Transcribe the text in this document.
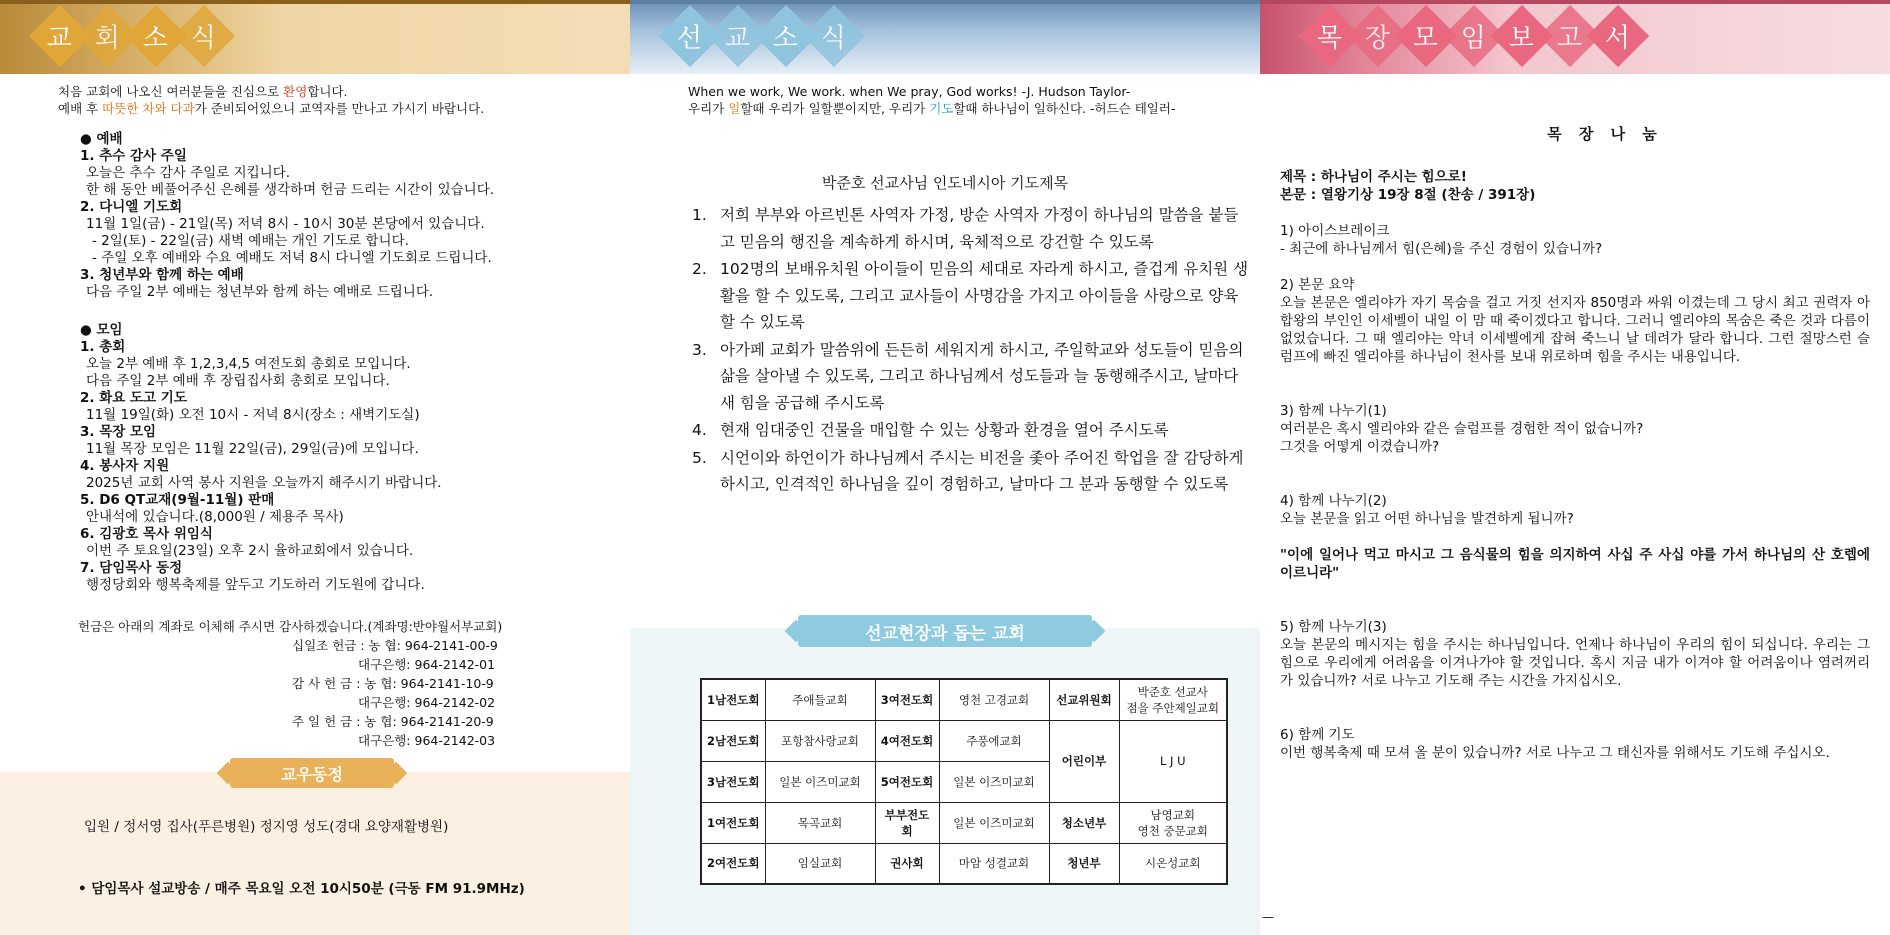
교 회 소 식
처음 교회에 나오신 여러분들을 진심으로 환영합니다.
예배 후 따뜻한 차와 다과가 준비되어있으니 교역자를 만나고 가시기 바랍니다.
● 예배
1. 추수 감사 주일
오늘은 추수 감사 주일로 지킵니다.
한 해 동안 베풀어주신 은혜를 생각하며 헌금 드리는 시간이 있습니다.
2. 다니엘 기도회
11월 1일(금) - 21일(목) 저녁 8시 - 10시 30분 본당에서 있습니다.
- 2일(토) - 22일(금) 새벽 예배는 개인 기도로 합니다.
- 주일 오후 예배와 수요 예배도 저녁 8시 다니엘 기도회로 드립니다.
3. 청년부와 함께 하는 예배
다음 주일 2부 예배는 청년부와 함께 하는 예배로 드립니다.
● 모임
1. 총회
오늘 2부 예배 후 1,2,3,4,5 여전도회 총회로 모입니다.
다음 주일 2부 예배 후 장립집사회 총회로 모입니다.
2. 화요 도고 기도
11월 19일(화) 오전 10시 - 저녁 8시(장소 : 새벽기도실)
3. 목장 모임
11월 목장 모임은 11월 22일(금), 29일(금)에 모입니다.
4. 봉사자 지원
2025년 교회 사역 봉사 지원을 오늘까지 해주시기 바랍니다.
5. D6 QT교재(9월-11월) 판매
안내석에 있습니다.(8,000원 / 제용주 목사)
6. 김광호 목사 위임식
이번 주 토요일(23일) 오후 2시 율하교회에서 있습니다.
7. 담임목사 동정
행정당회와 행복축제를 앞두고 기도하러 기도원에 갑니다.
헌금은 아래의 계좌로 이체해 주시면 감사하겠습니다.(계좌명:반야월서부교회)
십일조 헌금 : 농 협: 964-2141-00-9
대구은행: 964-2142-01
감 사 헌 금 : 농 협: 964-2141-10-9
대구은행: 964-2142-02
주 일 헌 금 : 농 협: 964-2141-20-9
대구은행: 964-2142-03
교우동정
입원 / 정서영 집사(푸른병원) 정지영 성도(경대 요양재활병원)
• 담임목사 설교방송 / 매주 목요일 오전 10시50분 (극동 FM 91.9MHz)
선 교 소 식
When we work, We work. when We pray, God works! -J. Hudson Taylor-
우리가 일할때 우리가 일할뿐이지만, 우리가 기도할때 하나님이 일하신다. -허드슨 테일러-
박준호 선교사님 인도네시아 기도제목
1. 저희 부부와 아르빈톤 사역자 가정, 방순 사역자 가정이 하나님의 말씀을 붙들고 믿음의 행진을 계속하게 하시며, 육체적으로 강건할 수 있도록
2. 102명의 보배유치원 아이들이 믿음의 세대로 자라게 하시고, 즐겁게 유치원 생활을 할 수 있도록, 그리고 교사들이 사명감을 가지고 아이들을 사랑으로 양육할 수 있도록
3. 아가페 교회가 말씀위에 든든히 세워지게 하시고, 주일학교와 성도들이 믿음의 삶을 살아낼 수 있도록, 그리고 하나님께서 성도들과 늘 동행해주시고, 날마다 새 힘을 공급해 주시도록
4. 현재 임대중인 건물을 매입할 수 있는 상황과 환경을 열어 주시도록
5. 시언이와 하언이가 하나님께서 주시는 비전을 좇아 주어진 학업을 잘 감당하게 하시고, 인격적인 하나님을 깊이 경험하고, 날마다 그 분과 동행할 수 있도록
선교현장과 돕는 교회
1남전도회	주애들교회	3여전도회	영천 고경교회	선교위원회	박준호 선교사
점을 주안제일교회

2남전도회	포항참사랑교회	4여전도회	주풍에교회	어린이부	L J U
3남전도회	일본 이즈미교회	5여전도회	일본 이즈미교회		
1여전도회	목곡교회	부부전도회	일본 이즈미교회	청소년부	남영교회
영천 중문교회

2여전도회	임실교회	권사회	마암 성결교회	청년부	시온성교회
목 장 모 임 보 고 서
목 장 나 눔
제목 : 하나님이 주시는 힘으로!
본문 : 열왕기상 19장 8절 (찬송 / 391장)
1) 아이스브레이크
- 최근에 하나님께서 힘(은혜)을 주신 경험이 있습니까?
2) 본문 요약
오늘 본문은 엘리야가 자기 목숨을 걸고 거짓 선지자 850명과 싸워 이겼는데 그 당시 최고 권력자 아합왕의 부인인 이세벨이 내일 이 맘 때 죽이겠다고 합니다. 그러니 엘리야의 목숨은 죽은 것과 다름이 없었습니다. 그 때 엘리야는 악녀 이세벨에게 잡혀 죽느니 날 데려가 달라 합니다. 그런 절망스런 슬럼프에 빠진 엘리야를 하나님이 천사를 보내 위로하며 힘을 주시는 내용입니다.
3) 함께 나누기(1)
여러분은 혹시 엘리야와 같은 슬럼프를 경험한 적이 없습니까?
그것을 어떻게 이겼습니까?
4) 함께 나누기(2)
오늘 본문을 읽고 어떤 하나님을 발견하게 됩니까?
"이에 일어나 먹고 마시고 그 음식물의 힘을 의지하여 사십 주 사십 야를 가서 하나님의 산 호렙에 이르니라"
5) 함께 나누기(3)
오늘 본문의 메시지는 힘을 주시는 하나님입니다. 언제나 하나님이 우리의 힘이 되십니다. 우리는 그 힘으로 우리에게 어려움을 이겨나가야 할 것입니다. 혹시 지금 내가 이겨야 할 어려움이나 염려꺼리가 있습니까? 서로 나누고 기도해 주는 시간을 가지십시오.
6) 함께 기도
이번 행복축제 때 모셔 올 분이 있습니까? 서로 나누고 그 태신자를 위해서도 기도해 주십시오.
—
